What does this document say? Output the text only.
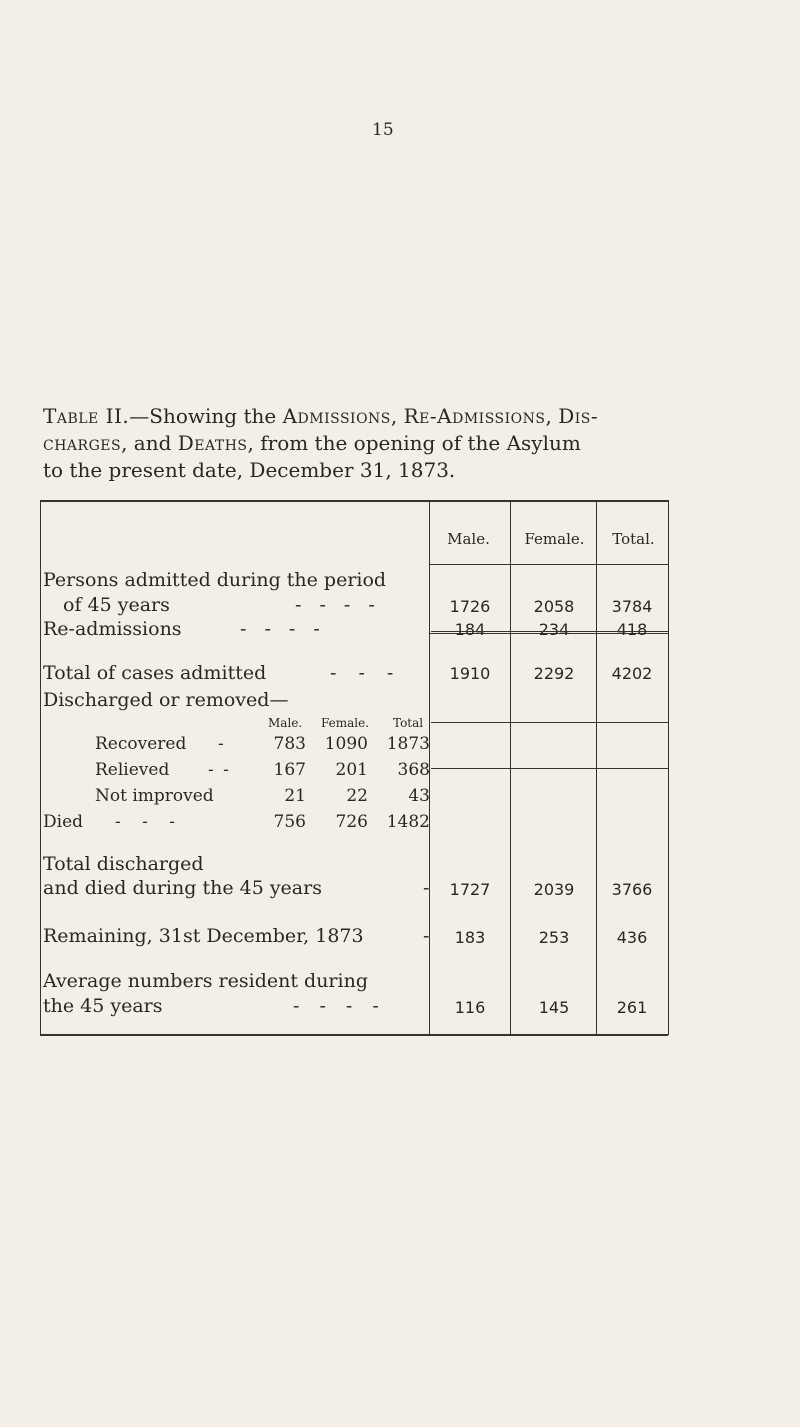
15
Table II.—Showing the Admissions, Re-Admissions, Dis-
charges, and Deaths, from the opening of the Asylum
to the present date, December 31, 1873.
Male.	Female.	Total.
Persons admitted during the period
of 45 years	- - - -	1726	2058	3784
Re-admissions	- - - -	184	234	418
Total of cases admitted	- - -	1910	2292	4202
Discharged or removed—
Male. Female. Total
Recovered -	783	1090	1873
Relieved - -	167	201	368
Not improved	21	22	43
Died - - -	756	726	1482
Total discharged
and died during the 45 years	-	1727	2039	3766
Remaining, 31st December, 1873	-	183	253	436
Average numbers resident during
the 45 years	- - - -	116	145	261
